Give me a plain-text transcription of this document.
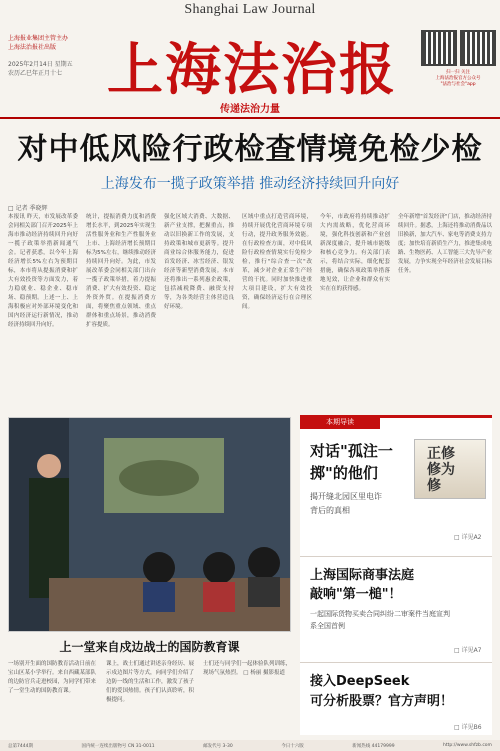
Shanghai Law Journal
上海报业集团主管主办
上海法治报社出版
2025年2月14日 星期五
农历乙巳年正月十七 上海法治报	扫一扫 关注
上海法治报官方公众号
"法治与社会"app
传递法治力量
对中低风险行政检查情境免检少检
上海发布一揽子政策举措 推动经济持续回升向好
□ 记者 季晓辉
本报讯 昨天，市发展改革委会同相关部门召开2025年上海市推动经济持续回升向好一揽子政策举措新闻通气会。记者获悉，以今年上海经济增长5%左右为预期目标，本市将从提振消费和扩大有效投资等方面发力，着力稳就业、稳企业、稳市场、稳预期。上述一上、上海积极应对外部环境变化和国内经济运行新情况，推动经济持续回升向好。
统计，提振消费力度和消费增长水平，到2025年实现生活性服务业和生产性服务业上市、上海经济增长预期目标为5%左右，继续推动经济持续回升向好。为此，市发展改革委会同相关部门出台一揽子政策举措，着力提振消费、扩大有效投资、稳定外资外贸。在提振消费方面，将聚焦重点领域、重点群体和重点场景，推动消费扩容提质。
强化区域大消费、大数据、新产业支撑，把握重点，推动以旧换新工作的发展，支持政策和城市更新等。提升商业综合体服务能力，促进首发经济、冰雪经济、银发经济等新型消费发展。本市还将推出一系列惠企政策，包括减税降费、融资支持等，为各类经营主体营造良好环境。
区域中重点打造营商环境，持续开展优化营商环境专项行动，提升政务服务效能。在行政检查方面，对中低风险行政检查情境实行免检少检，推行"综合查一次"改革，减少对企业正常生产经营的干扰。同时加快推进重大项目建设，扩大有效投资，确保经济运行在合理区间。
今年，市政府将持续推动扩大内需战略，优化营商环境，强化科技创新和产业创新深度融合，提升城市能级和核心竞争力。有关部门表示，将结合实际，细化配套措施，确保各项政策举措落地见效，让企业和群众有实实在在的获得感。
全年新增"首发经济"门店，推动经济持续回升。据悉，上海还将推动消费品以旧换新，加大汽车、家电等消费支持力度；加快培育新质生产力，推进集成电路、生物医药、人工智能三大先导产业发展，力争实现全年经济社会发展目标任务。
上一堂来自戍边战士的国防教育课
一场别开生面的国防教育活动日前在宝山区某小学举行。来自西藏某部队的边防官兵走进校园，为同学们带来了一堂生动的国防教育课。
课上，战士们通过讲述亲身经历、展示戍边图片等方式，向同学们介绍了边防一线的生活和工作，激发了孩子们的爱国热情。孩子们认真聆听，积极提问。
士们还与同学们一起体验队列训练，现场气氛热烈。 □ 杨丽 摄影报道
本期导读
对话"孤注一
掷"的他们
正修
修为
修
揭开缝北园区里电诈
背后的真相
□ 详见A2
上海国际商事法庭
敲响"第一槌"！
一起国际货物买卖合同纠纷二审案件当庭宣判
系全国首例
□ 详见A7
接入DeepSeek
可分析股票？官方声明！
□ 详见B6
总第7444期	国内统一连续出版物号 CN 31-0011	邮发代号 3-30	今日十六版	新闻热线 44179999	http://www.shfzb.com
